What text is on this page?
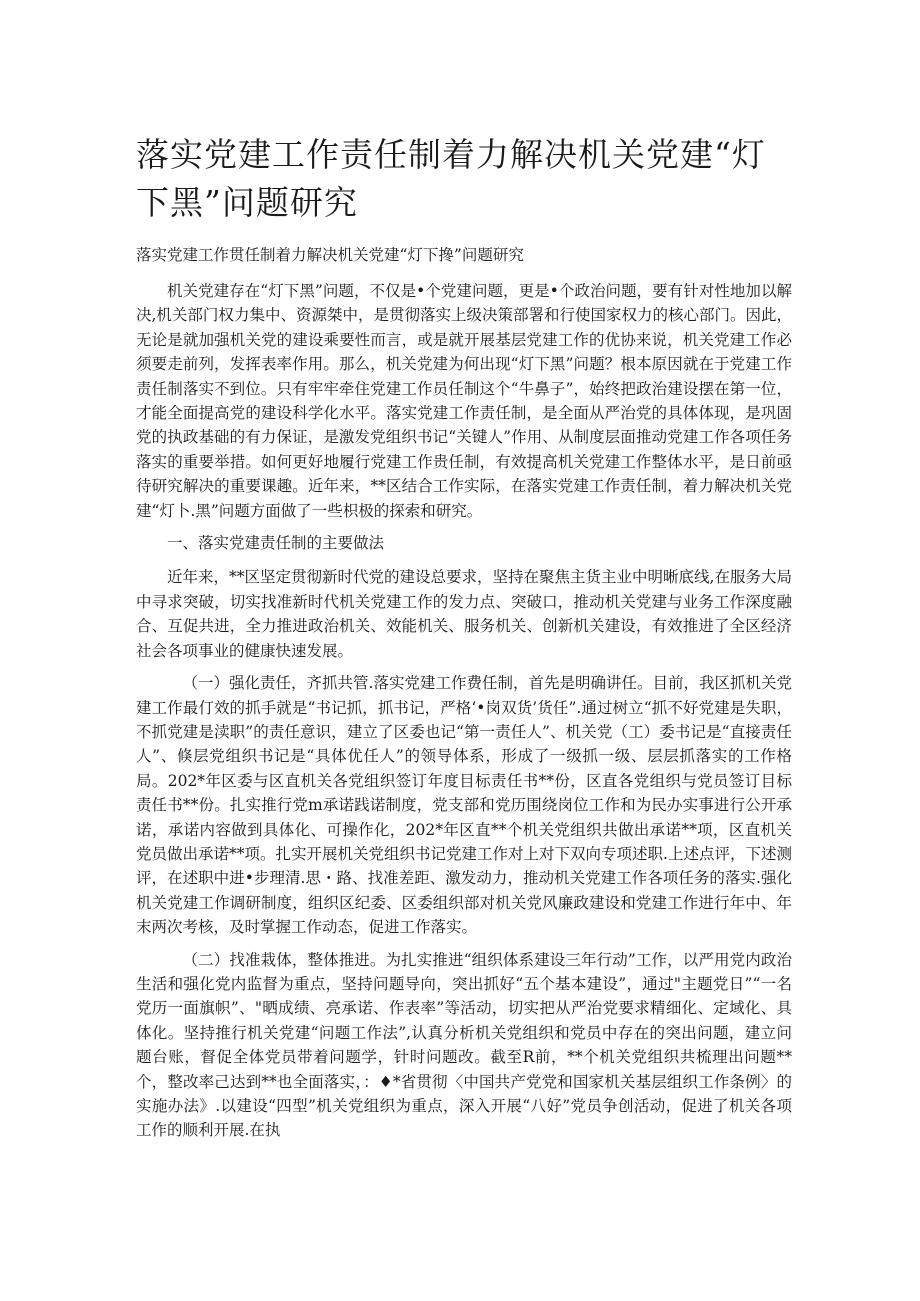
落实党建工作责任制着力解决机关党建“灯下黑”问题研究

落实党建工作贯任制着力解决机关党建“灯下搀”问题研究

机关党建存在“灯下黑”问题，不仅是•个党建问题，更是•个政治问题，要有针对性地加以解决,机关部门权力集中、资源桀中，是贯彻落实上级决策部署和行使国家权力的核心部门。因此，无论是就加强机关党的建设乘要性而言，或是就开展基层党建工作的优协来说，机关党建工作必须要走前列，发挥表率作用。那么，机关党建为何出现“灯下黑”问题？根本原因就在于党建工作责任制落实不到位。只有牢牢牵住党建工作员任制这个“牛鼻子”，始终把政治建设摆在第一位，才能全面提高党的建设科学化水平。落实党建工作责任制，是全面从严治党的具体体现，是巩固党的执政基础的有力保证，是激发党组织书记“关键人”作用、从制度层面推动党建工作各项任务落实的重要举措。如何更好地履行党建工作贵任制，有效提高机关党建工作整体水平，是日前亟待研究解决的重要课趣。近年来，**区结合工作实际，在落实党建工作责任制，着力解决机关党建“灯卜.黑”问题方面做了一些枳极的探索和研究。

一、落实党建责任制的主要做法

近年来，**区坚定贯彻新时代党的建设总要求，坚持在聚焦主货主业中明晰底线,在服务大局中寻求突破，切实找准新时代机关党建工作的发力点、突破口，推动机关党建与业务工作深度融合、互促共进，全力推进政治机关、效能机关、服务机关、创新机关建设，有效推进了全区经济社会各项事业的健康快速发展。

（一）强化责任，齐抓共管.落实党建工作费任制，首先是明确讲任。目前，我区抓机关党建工作最仃效的抓手就是“书记抓，抓书记，严格‘•岗双货’货任”.通过树立“抓不好党建是失职，不抓党建是渎职”的责任意识，建立了区委也记“第一责任人”、机关党（工）委书记是“直接责任人”、倏层党组织书记是“具体优任人”的领导体系，形成了一级抓一级、层层抓落实的工作格局。202*年区委与区直机关各党组织签订年度目标责任书**份，区直各党组织与党员签订目标责任书**份。扎实推行党m承诺践诺制度，党支部和党历围绕岗位工作和为民办实事进行公开承诺，承诺内容做到具体化、可操作化，202*年区直**个机关党组织共做出承诺**项，区直机关党员做出承诺**项。扎实开展机关党组织书记党建工作对上对下双向专项述职.上述点评，下述测评，在述职中进•步理清.思・路、找准差距、激发动力，推动机关党建工作各项任务的落实.强化机关党建工作调研制度，组织区纪委、区委组织部对机关党风廉政建设和党建工作进行年中、年末两次考核，及时掌握工作动态，促进工作落实。

（二）找准栽体，整体推进。为扎实推进“组织体系建设三年行动”工作，以严用党内政治生活和强化党内监督为重点，坚持问题导向，突出抓好“五个基本建设”，通过"主题党日”“一名党历一面旗帜”、"晒成绩、亮承诺、作表率”等活动，切实把从严治党要求精细化、定域化、具体化。坚持推行机关党建“问题工作法”,认真分析机关党组织和党员中存在的突出问题，建立问题台账，督促全体党员带着问题学，针时问题改。截至R前，**个机关党组织共梳理出问题**个，整改率己达到**也全面落实，：♦*省贯彻〈中国共产党党和国家机关基层组织工作条例〉的实施办法》.以建设“四型”机关党组织为重点，深入开展“八好”党员争创活动，促进了机关各项工作的顺利开展.在执
